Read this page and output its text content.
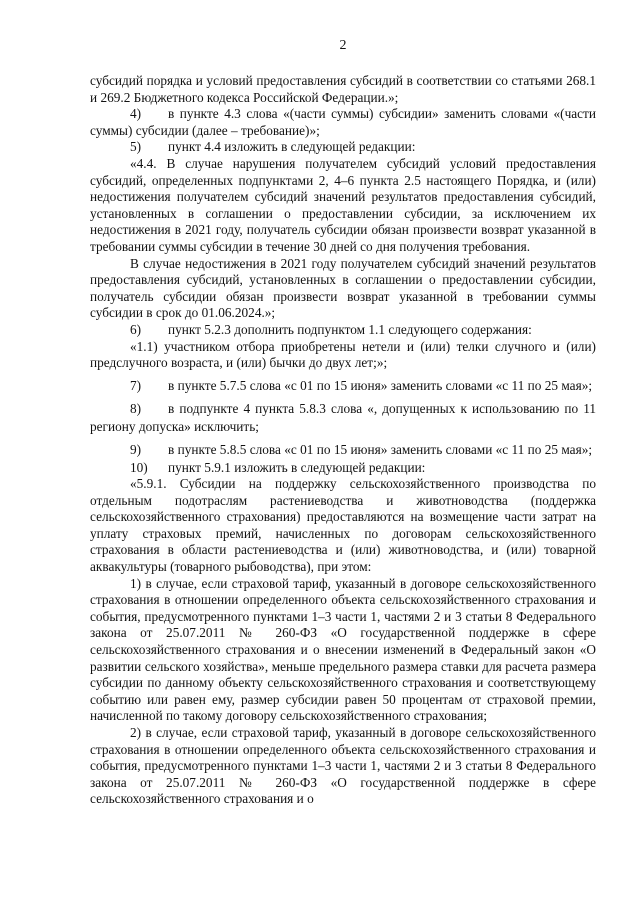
2

субсидий порядка и условий предоставления субсидий в соответствии со статьями 268.1 и 269.2 Бюджетного кодекса Российской Федерации.»;

4) в пункте 4.3 слова «(части суммы) субсидии» заменить словами «(части суммы) субсидии (далее – требование)»;

5) пункт 4.4 изложить в следующей редакции:

«4.4. В случае нарушения получателем субсидий условий предоставления субсидий, определенных подпунктами 2, 4–6 пункта 2.5 настоящего Порядка, и (или) недостижения получателем субсидий значений результатов предоставления субсидий, установленных в соглашении о предоставлении субсидии, за исключением их недостижения в 2021 году, получатель субсидии обязан произвести возврат указанной в требовании суммы субсидии в течение 30 дней со дня получения требования.

В случае недостижения в 2021 году получателем субсидий значений результатов предоставления субсидий, установленных в соглашении о предоставлении субсидии, получатель субсидии обязан произвести возврат указанной в требовании суммы субсидии в срок до 01.06.2024.»;

6) пункт 5.2.3 дополнить подпунктом 1.1 следующего содержания:

«1.1) участником отбора приобретены нетели и (или) телки случного и (или) предслучного возраста, и (или) бычки до двух лет;»;

7) в пункте 5.7.5 слова «с 01 по 15 июня» заменить словами «с 11 по 25 мая»;

8) в подпункте 4 пункта 5.8.3 слова «, допущенных к использованию по 11 региону допуска» исключить;

9) в пункте 5.8.5 слова «с 01 по 15 июня» заменить словами «с 11 по 25 мая»;

10) пункт 5.9.1 изложить в следующей редакции:

«5.9.1. Субсидии на поддержку сельскохозяйственного производства по отдельным подотраслям растениеводства и животноводства (поддержка сельскохозяйственного страхования) предоставляются на возмещение части затрат на уплату страховых премий, начисленных по договорам сельскохозяйственного страхования в области растениеводства и (или) животноводства, и (или) товарной аквакультуры (товарного рыбоводства), при этом:

1) в случае, если страховой тариф, указанный в договоре сельскохозяйственного страхования в отношении определенного объекта сельскохозяйственного страхования и события, предусмотренного пунктами 1–3 части 1, частями 2 и 3 статьи 8 Федерального закона от 25.07.2011 № 260-ФЗ «О государственной поддержке в сфере сельскохозяйственного страхования и о внесении изменений в Федеральный закон «О развитии сельского хозяйства», меньше предельного размера ставки для расчета размера субсидии по данному объекту сельскохозяйственного страхования и соответствующему событию или равен ему, размер субсидии равен 50 процентам от страховой премии, начисленной по такому договору сельскохозяйственного страхования;

2) в случае, если страховой тариф, указанный в договоре сельскохозяйственного страхования в отношении определенного объекта сельскохозяйственного страхования и события, предусмотренного пунктами 1–3 части 1, частями 2 и 3 статьи 8 Федерального закона от 25.07.2011 № 260-ФЗ «О государственной поддержке в сфере сельскохозяйственного страхования и о
